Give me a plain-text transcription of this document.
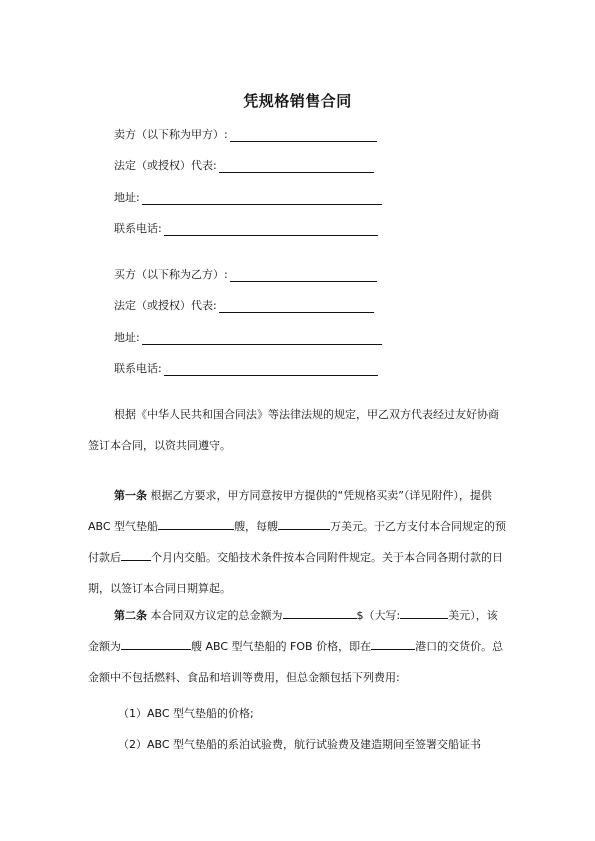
凭规格销售合同
卖方（以下称为甲方）:
法定（或授权）代表:
地址:
联系电话:
买方（以下称为乙方）:
法定（或授权）代表:
地址:
联系电话:

根据《中华人民共和国合同法》等法律法规的规定，甲乙双方代表经过友好协商签订本合同，以资共同遵守。

第一条 根据乙方要求，甲方同意按甲方提供的“凭规格买卖”（详见附件），提供 ABC 型气垫船	艘，每艘	万美元。于乙方支付本合同规定的预付款后	个月内交船。交船技术条件按本合同附件规定。关于本合同各期付款的日期，以签订本合同日期算起。

第二条 本合同双方议定的总金额为	$（大写:	美元），该金额为	艘 ABC 型气垫船的 FOB 价格，即在	港口的交货价。总金额中不包括燃料、食品和培训等费用，但总金额包括下列费用:

（1）ABC 型气垫船的价格;
（2）ABC 型气垫船的系泊试验费，航行试验费及建造期间至签署交船证书
